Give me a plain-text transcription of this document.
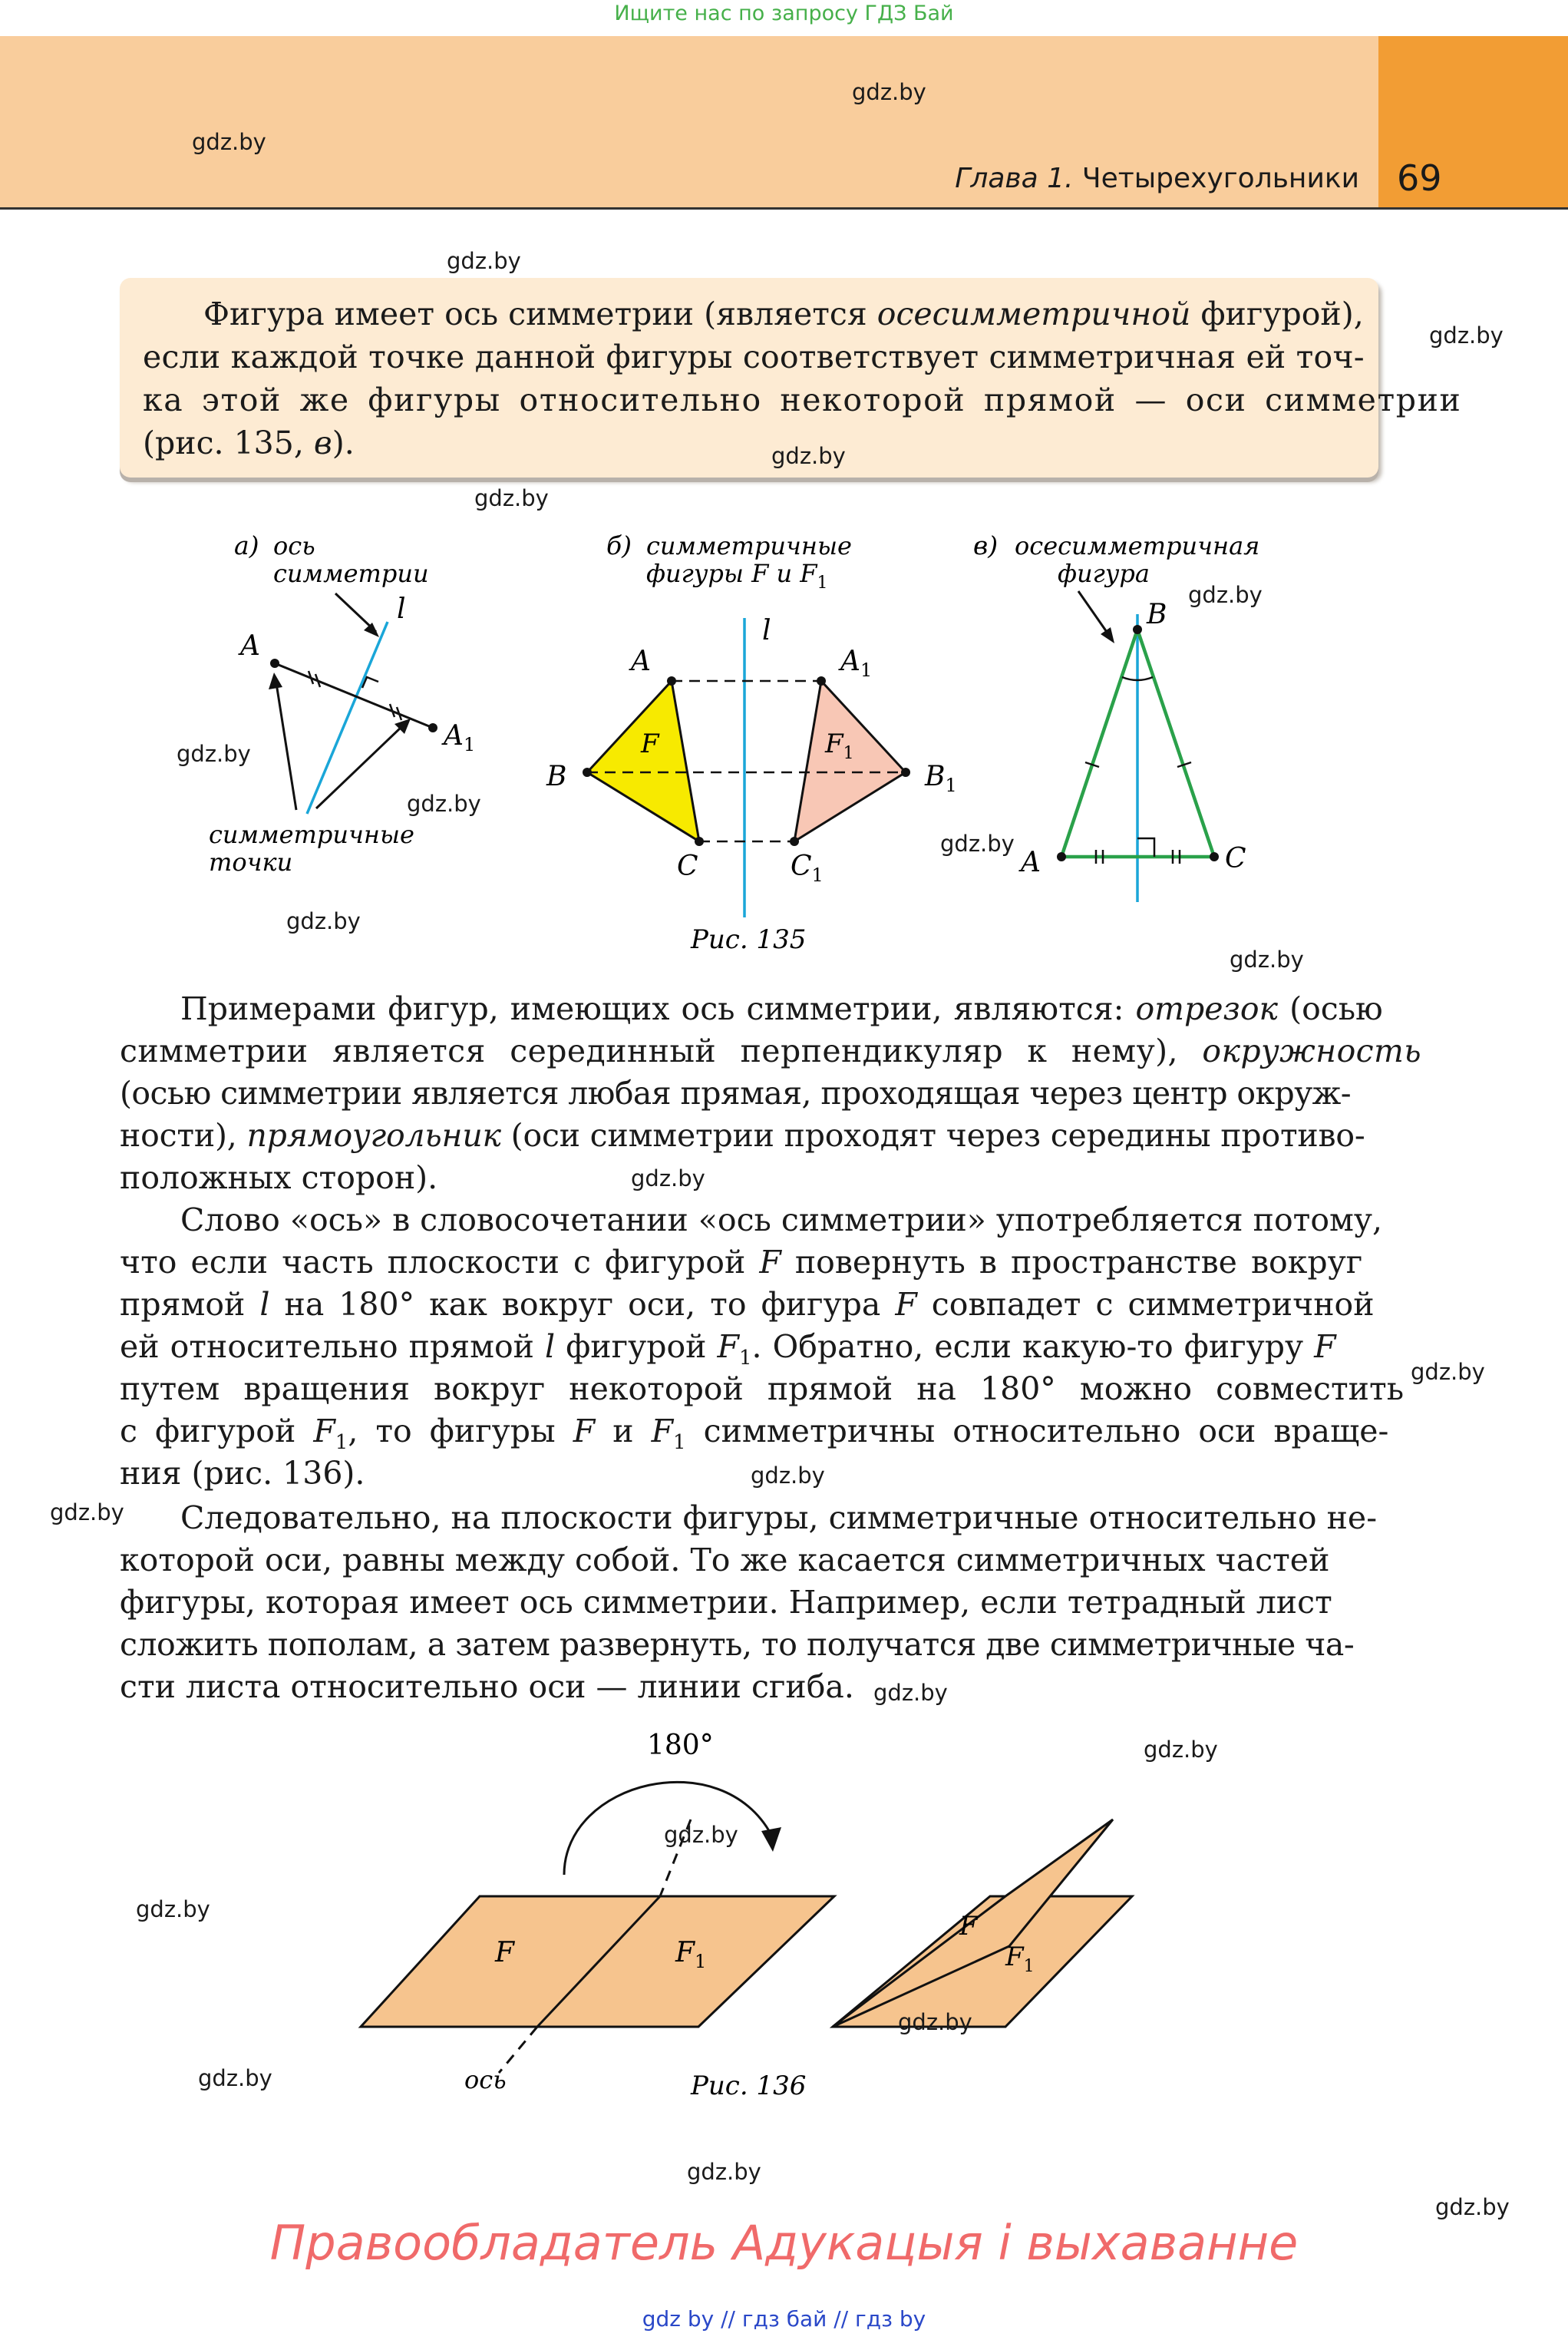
Ищите нас по запросу ГДЗ Бай
Глава 1. Четырехугольники 69
Фигура имеет ось симметрии (является осесимметричной фигурой),
если каждой точке данной фигуры соответствует симметричная ей точ-
ка этой же фигуры относительно некоторой прямой — оси симметрии
(рис. 135, в).
а) ось
симметрии
l
A
$A_1$
симметричные
точки
б) симметричные
фигуры F и $F_1$
l
A
B
C
$A_1$
$B_1$
$C_1$
F	$F_1$
Рис. 135
в) осесимметричная
фигура
B
A	C
Примерами фигур, имеющих ось симметрии, являются: отрезок (осью
симметрии является серединный перпендикуляр к нему), окружность
(осью симметрии является любая прямая, проходящая через центр окруж-
ности), прямоугольник (оси симметрии проходят через середины противо-
положных сторон).
Слово «ось» в словосочетании «ось симметрии» употребляется потому,
что если часть плоскости с фигурой F повернуть в пространстве вокруг
прямой l на 180° как вокруг оси, то фигура F совпадет с симметричной
ей относительно прямой l фигурой $F_1$. Обратно, если какую-то фигуру F
путем вращения вокруг некоторой прямой на 180° можно совместить
с фигурой $F_1$, то фигуры F и $F_1$ симметричны относительно оси враще-
ния (рис. 136).
Следовательно, на плоскости фигуры, симметричные относительно не-
которой оси, равны между собой. То же касается симметричных частей
фигуры, которая имеет ось симметрии. Например, если тетрадный лист
сложить пополам, а затем развернуть, то получатся две симметричные ча-
сти листа относительно оси — линии сгиба.
180°
F	$F_1$
ось
F
$F_1$
Рис. 136
gdz.by
gdz.by
gdz.by
gdz.by
gdz.by
gdz.by
gdz.by
gdz.by
gdz.by
gdz.by
gdz.by
gdz.by
gdz.by
gdz.by
gdz.by
gdz.by
gdz.by
gdz.by
gdz.by
gdz.by
gdz.by
gdz.by
gdz.by
gdz.by
Правообладатель Адукацыя і выхаванне
gdz by // гдз бай // гдз by
